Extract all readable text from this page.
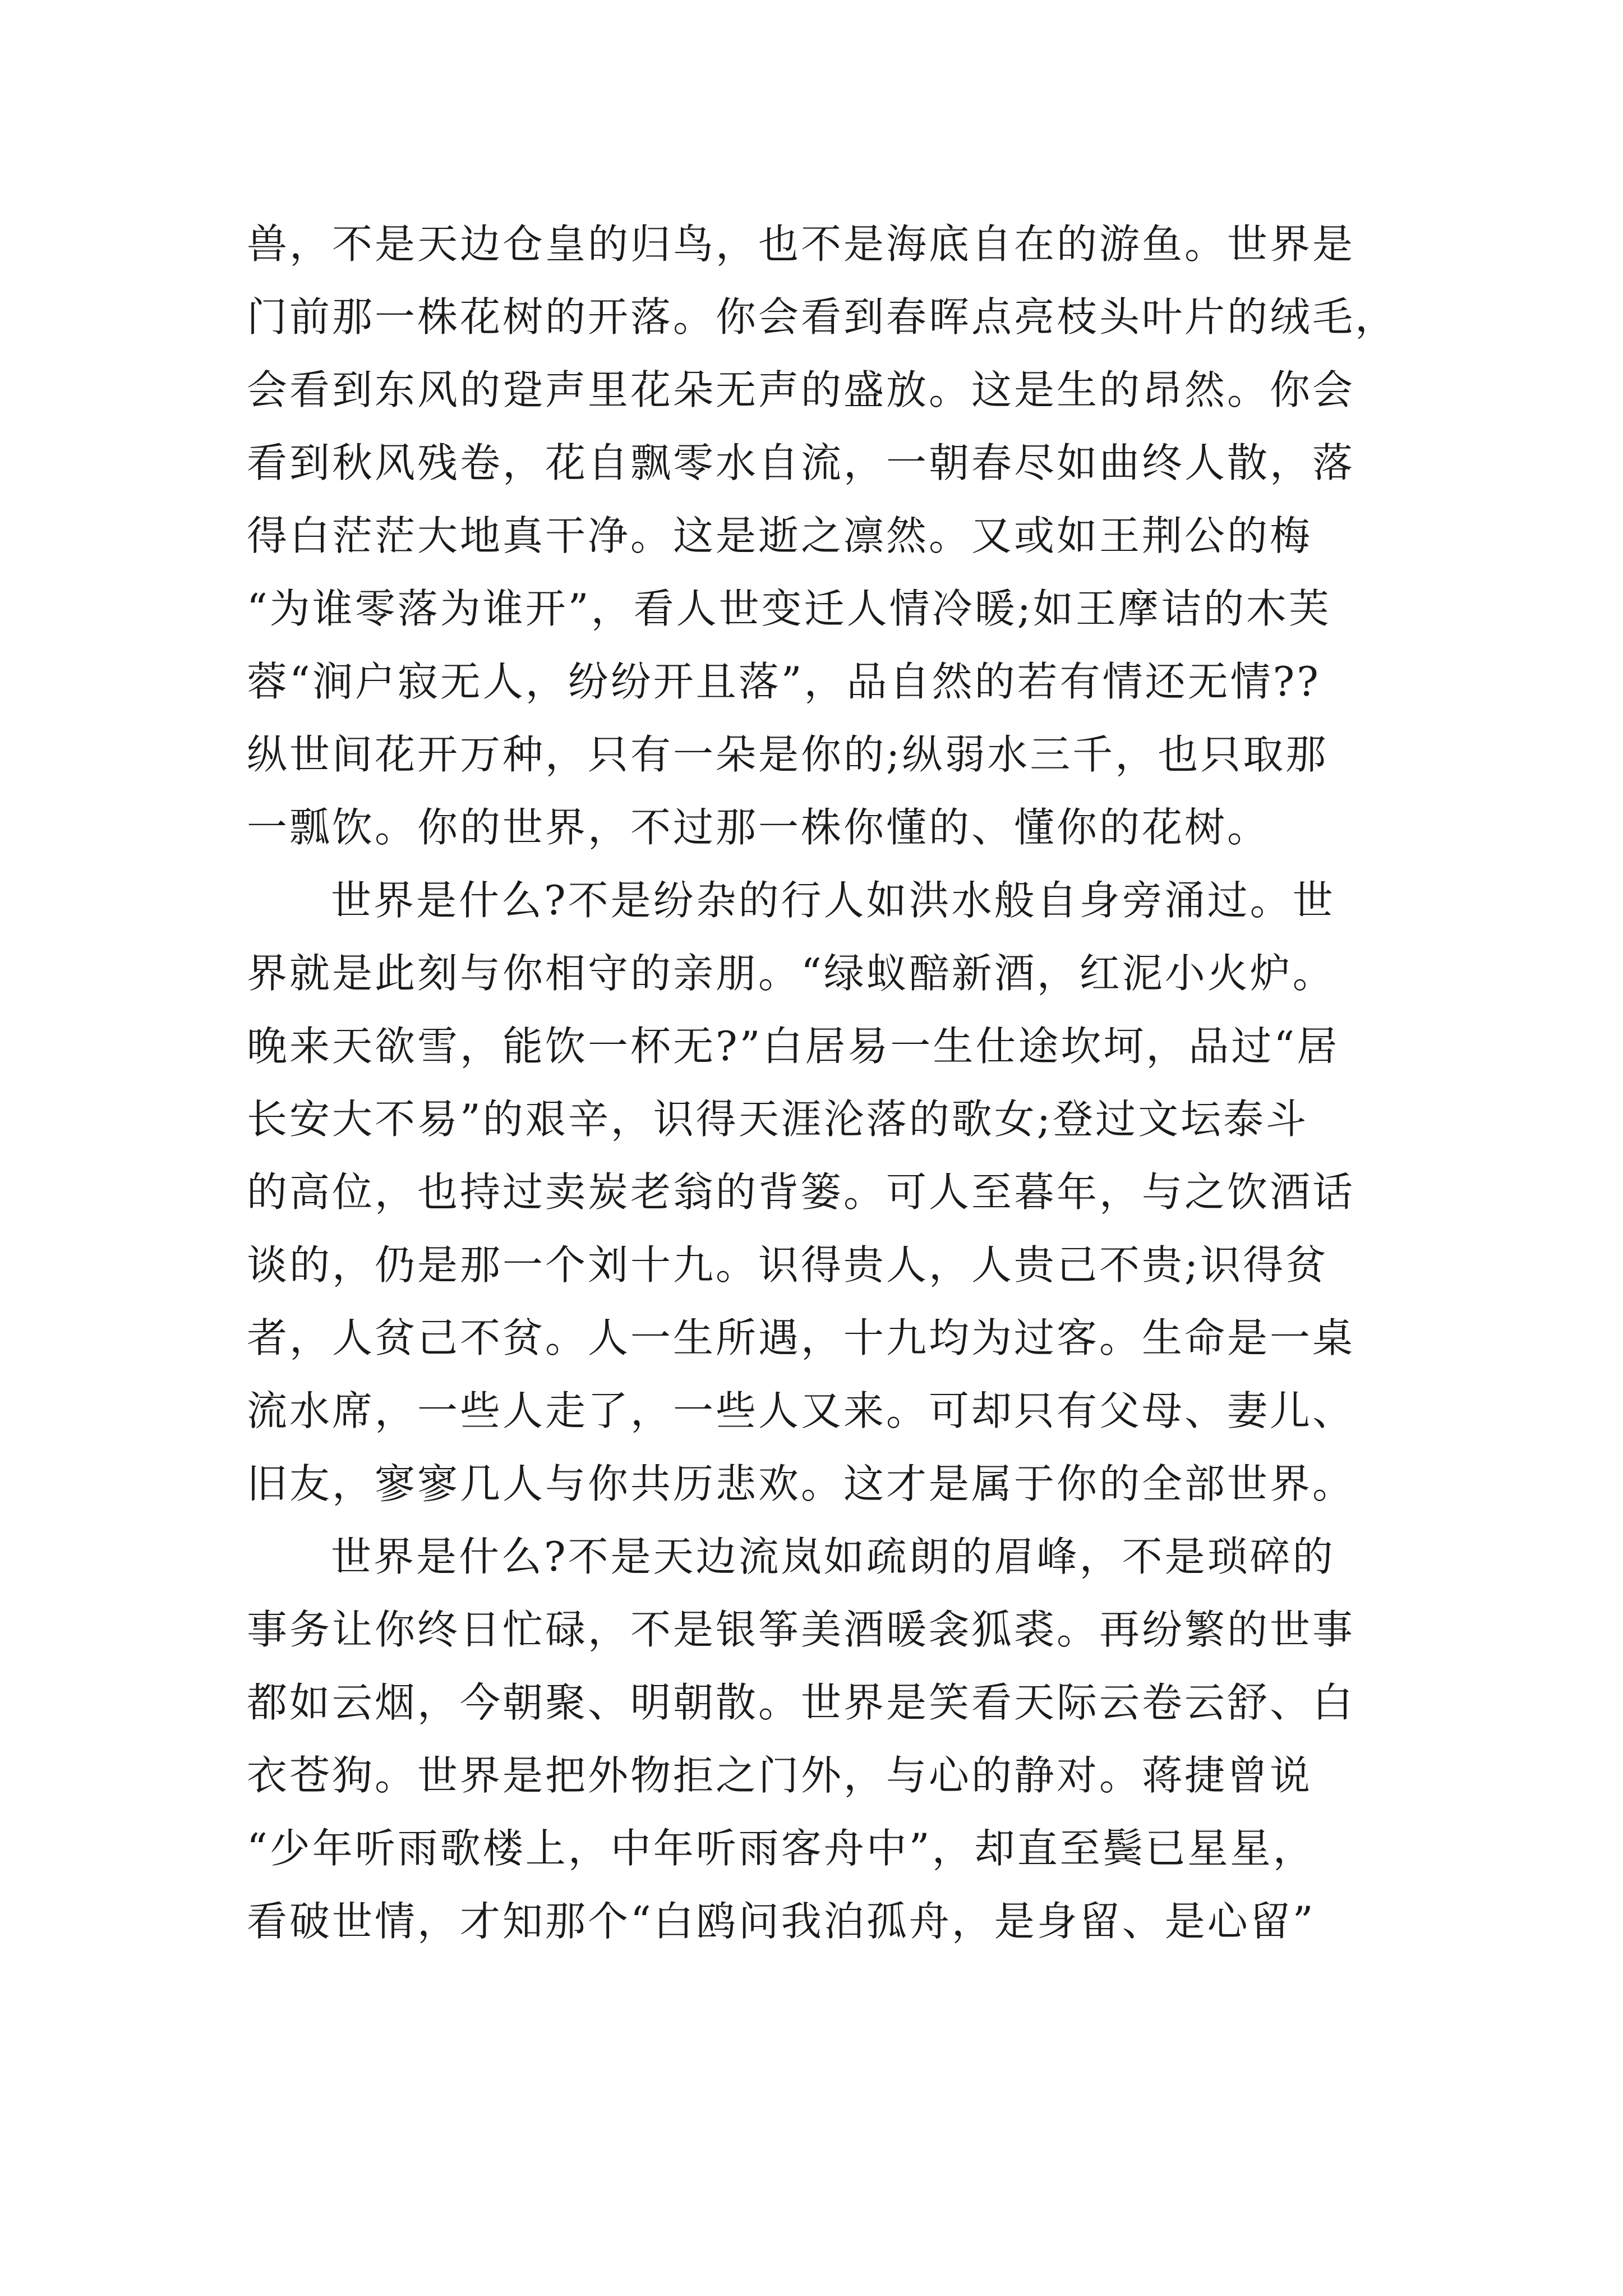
兽，不是天边仓皇的归鸟，也不是海底自在的游鱼。世界是
门前那一株花树的开落。你会看到春晖点亮枝头叶片的绒毛，
会看到东风的跫声里花朵无声的盛放。这是生的昂然。你会
看到秋风残卷，花自飘零水自流，一朝春尽如曲终人散，落
得白茫茫大地真干净。这是逝之凛然。又或如王荆公的梅
“为谁零落为谁开”，看人世变迁人情冷暖;如王摩诘的木芙
蓉“涧户寂无人，纷纷开且落”，品自然的若有情还无情??
纵世间花开万种，只有一朵是你的;纵弱水三千，也只取那
一瓢饮。你的世界，不过那一株你懂的、懂你的花树。
世界是什么?不是纷杂的行人如洪水般自身旁涌过。世
界就是此刻与你相守的亲朋。“绿蚁醅新酒，红泥小火炉。
晚来天欲雪，能饮一杯无?”白居易一生仕途坎坷，品过“居
长安大不易”的艰辛，识得天涯沦落的歌女;登过文坛泰斗
的高位，也持过卖炭老翁的背篓。可人至暮年，与之饮酒话
谈的，仍是那一个刘十九。识得贵人，人贵己不贵;识得贫
者，人贫己不贫。人一生所遇，十九均为过客。生命是一桌
流水席，一些人走了，一些人又来。可却只有父母、妻儿、
旧友，寥寥几人与你共历悲欢。这才是属于你的全部世界。
世界是什么?不是天边流岚如疏朗的眉峰，不是琐碎的
事务让你终日忙碌，不是银筝美酒暖衾狐裘。再纷繁的世事
都如云烟，今朝聚、明朝散。世界是笑看天际云卷云舒、白
衣苍狗。世界是把外物拒之门外，与心的静对。蒋捷曾说
“少年听雨歌楼上，中年听雨客舟中”，却直至鬓已星星，
看破世情，才知那个“白鸥问我泊孤舟，是身留、是心留”
